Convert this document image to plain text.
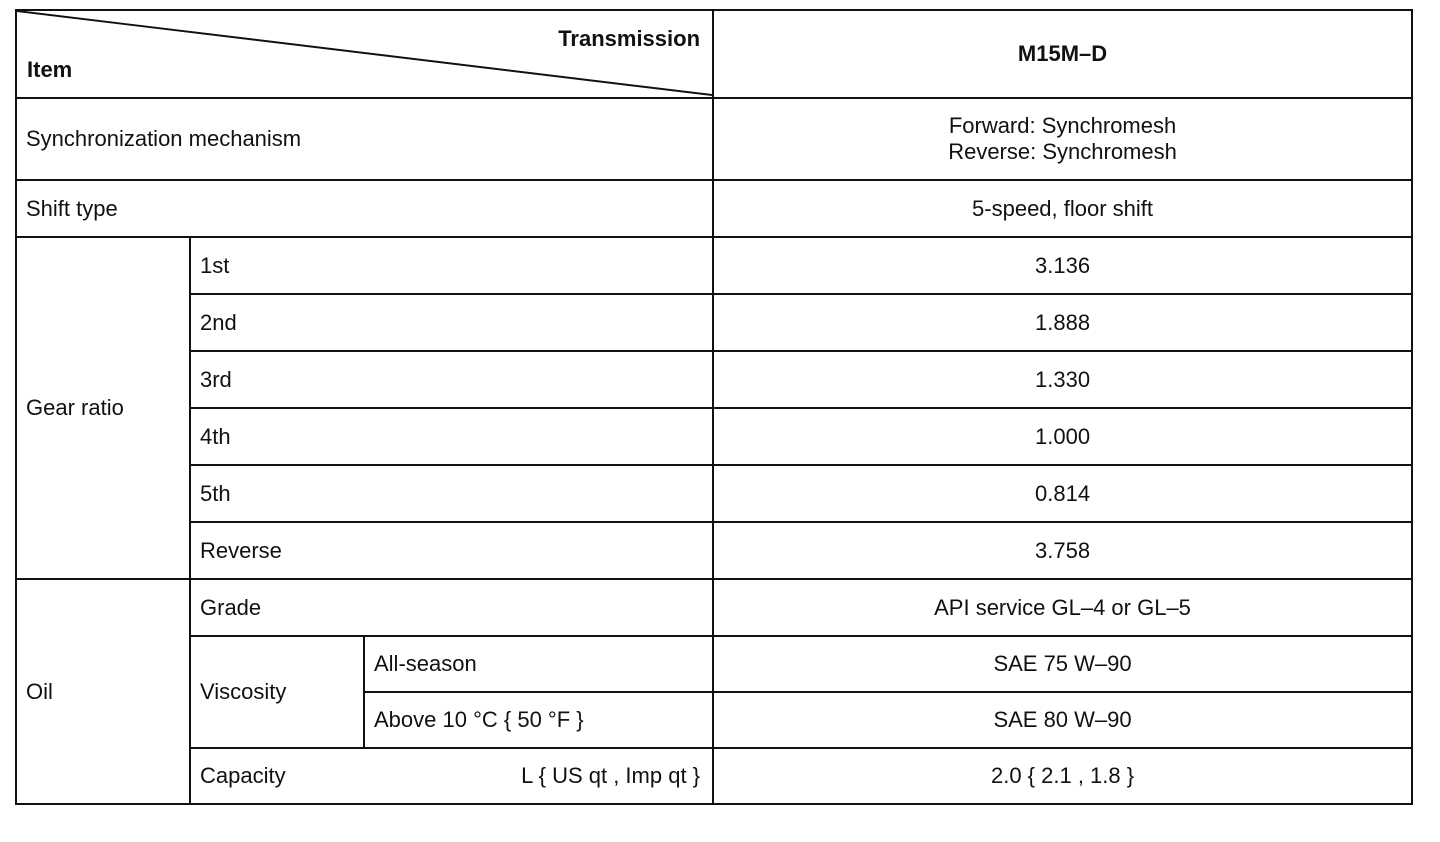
Transmission
Item			M15M–D
Synchronization mechanism			Forward: Synchromesh
Reverse: Synchromesh

Shift type			5-speed, floor shift
Gear ratio	1st		3.136
	2nd		1.888
	3rd		1.330
	4th		1.000
	5th		0.814
	Reverse		3.758
Oil	Grade		API service GL–4 or GL–5
	Viscosity	All-season	SAE 75 W–90
		Above 10 °C { 50 °F }	SAE 80 W–90

	Capacity L { US qt , Imp qt }		2.0 { 2.1 , 1.8 }
